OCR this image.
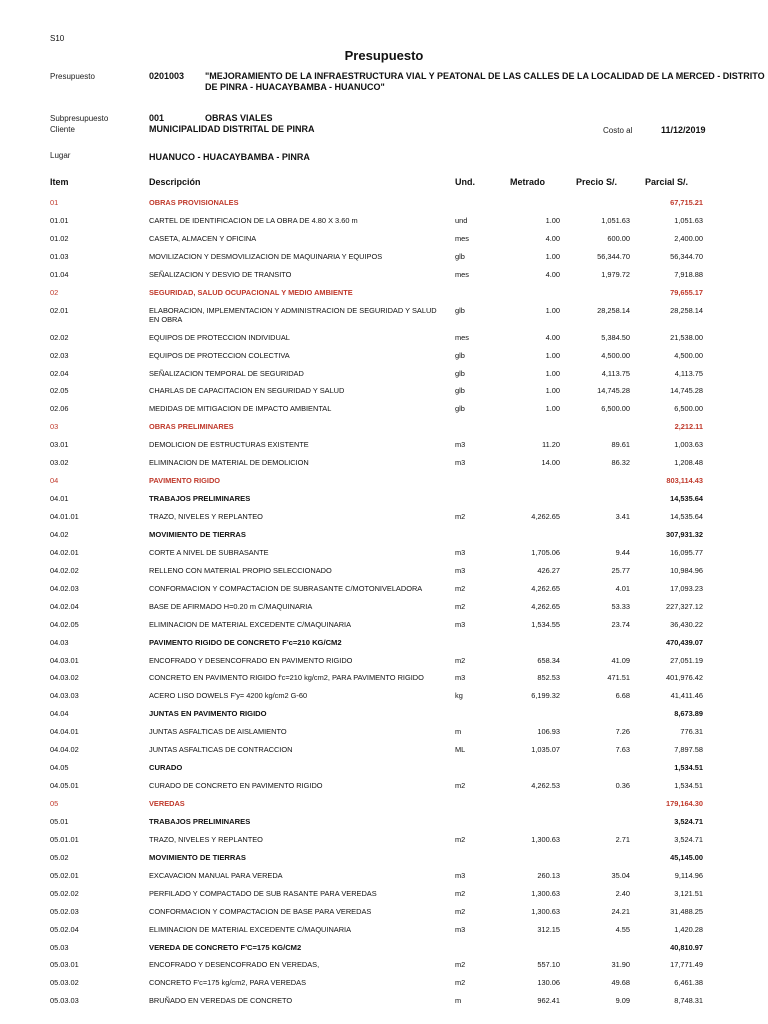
S10
Presupuesto
Presupuesto	0201003 "MEJORAMIENTO DE LA INFRAESTRUCTURA VIAL Y PEATONAL DE LAS CALLES DE LA LOCALIDAD DE LA MERCED - DISTRITO DE PINRA - HUACAYBAMBA - HUANUCO"
Subpresupuesto	001	OBRAS VIALES
Cliente	MUNICIPALIDAD DISTRITAL DE PINRA	Costo al	11/12/2019
Lugar	HUANUCO - HUACAYBAMBA - PINRA
Item	Descripción	Und.	Metrado	Precio S/.	Parcial S/.
01	OBRAS PROVISIONALES	67,715.21
01.01	CARTEL DE IDENTIFICACION DE LA OBRA DE 4.80 X 3.60 m	und	1.00	1,051.63	1,051.63
01.02	CASETA, ALMACEN Y OFICINA	mes	4.00	600.00	2,400.00
01.03	MOVILIZACION Y DESMOVILIZACION DE MAQUINARIA Y EQUIPOS	glb	1.00	56,344.70	56,344.70
01.04	SEÑALIZACION Y DESVIO DE TRANSITO	mes	4.00	1,979.72	7,918.88
02	SEGURIDAD, SALUD OCUPACIONAL Y MEDIO AMBIENTE	79,655.17
02.01	ELABORACION, IMPLEMENTACION Y ADMINISTRACION DE SEGURIDAD Y SALUD EN OBRA
glb	1.00	28,258.14	28,258.14
02.02	EQUIPOS DE PROTECCION INDIVIDUAL	mes	4.00	5,384.50	21,538.00
02.03	EQUIPOS DE PROTECCION COLECTIVA	glb	1.00	4,500.00	4,500.00
02.04	SEÑALIZACION TEMPORAL DE SEGURIDAD	glb	1.00	4,113.75	4,113.75
02.05	CHARLAS DE CAPACITACION EN SEGURIDAD Y SALUD	glb	1.00	14,745.28	14,745.28
02.06	MEDIDAS DE MITIGACION DE IMPACTO AMBIENTAL	glb	1.00	6,500.00	6,500.00
03	OBRAS PRELIMINARES	2,212.11
03.01	DEMOLICION DE ESTRUCTURAS EXISTENTE	m3	11.20	89.61	1,003.63
03.02	ELIMINACION DE MATERIAL DE DEMOLICION	m3	14.00	86.32	1,208.48
04	PAVIMENTO RIGIDO	803,114.43
04.01	TRABAJOS PRELIMINARES	14,535.64
04.01.01	TRAZO, NIVELES Y REPLANTEO	m2	4,262.65	3.41	14,535.64
04.02	MOVIMIENTO DE TIERRAS	307,931.32
04.02.01	CORTE A NIVEL DE SUBRASANTE	m3	1,705.06	9.44	16,095.77
04.02.02	RELLENO CON MATERIAL PROPIO SELECCIONADO	m3	426.27	25.77	10,984.96
04.02.03	CONFORMACION Y COMPACTACION DE SUBRASANTE C/MOTONIVELADORA	m2	4,262.65	4.01	17,093.23
04.02.04	BASE DE AFIRMADO H=0.20 m C/MAQUINARIA	m2	4,262.65	53.33	227,327.12
04.02.05	ELIMINACION DE MATERIAL EXCEDENTE C/MAQUINARIA	m3	1,534.55	23.74	36,430.22
04.03	PAVIMENTO RIGIDO DE CONCRETO F'c=210 KG/CM2	470,439.07
04.03.01	ENCOFRADO Y DESENCOFRADO EN PAVIMENTO RIGIDO	m2	658.34	41.09	27,051.19
04.03.02	CONCRETO EN PAVIMENTO RIGIDO f'c=210 kg/cm2, PARA PAVIMENTO RIGIDO	m3	852.53	471.51	401,976.42
04.03.03	ACERO LISO DOWELS F'y= 4200 kg/cm2 G-60	kg	6,199.32	6.68	41,411.46
04.04	JUNTAS EN PAVIMENTO RIGIDO	8,673.89
04.04.01	JUNTAS ASFALTICAS DE AISLAMIENTO	m	106.93	7.26	776.31
04.04.02	JUNTAS ASFALTICAS DE CONTRACCION	ML	1,035.07	7.63	7,897.58
04.05	CURADO	1,534.51
04.05.01	CURADO DE CONCRETO EN PAVIMENTO RIGIDO	m2	4,262.53	0.36	1,534.51
05	VEREDAS	179,164.30
05.01	TRABAJOS PRELIMINARES	3,524.71
05.01.01	TRAZO, NIVELES Y REPLANTEO	m2	1,300.63	2.71	3,524.71
05.02	MOVIMIENTO DE TIERRAS	45,145.00
05.02.01	EXCAVACION MANUAL PARA VEREDA	m3	260.13	35.04	9,114.96
05.02.02	PERFILADO Y COMPACTADO DE SUB RASANTE PARA VEREDAS	m2	1,300.63	2.40	3,121.51
05.02.03	CONFORMACION Y COMPACTACION DE BASE PARA VEREDAS	m2	1,300.63	24.21	31,488.25
05.02.04	ELIMINACION DE MATERIAL EXCEDENTE C/MAQUINARIA	m3	312.15	4.55	1,420.28
05.03	VEREDA DE CONCRETO F'C=175 KG/CM2	40,810.97
05.03.01	ENCOFRADO Y DESENCOFRADO EN VEREDAS,	m2	557.10	31.90	17,771.49
05.03.02	CONCRETO F'c=175 kg/cm2, PARA VEREDAS	m2	130.06	49.68	6,461.38
05.03.03	BRUÑADO EN VEREDAS DE CONCRETO	m	962.41	9.09	8,748.31
